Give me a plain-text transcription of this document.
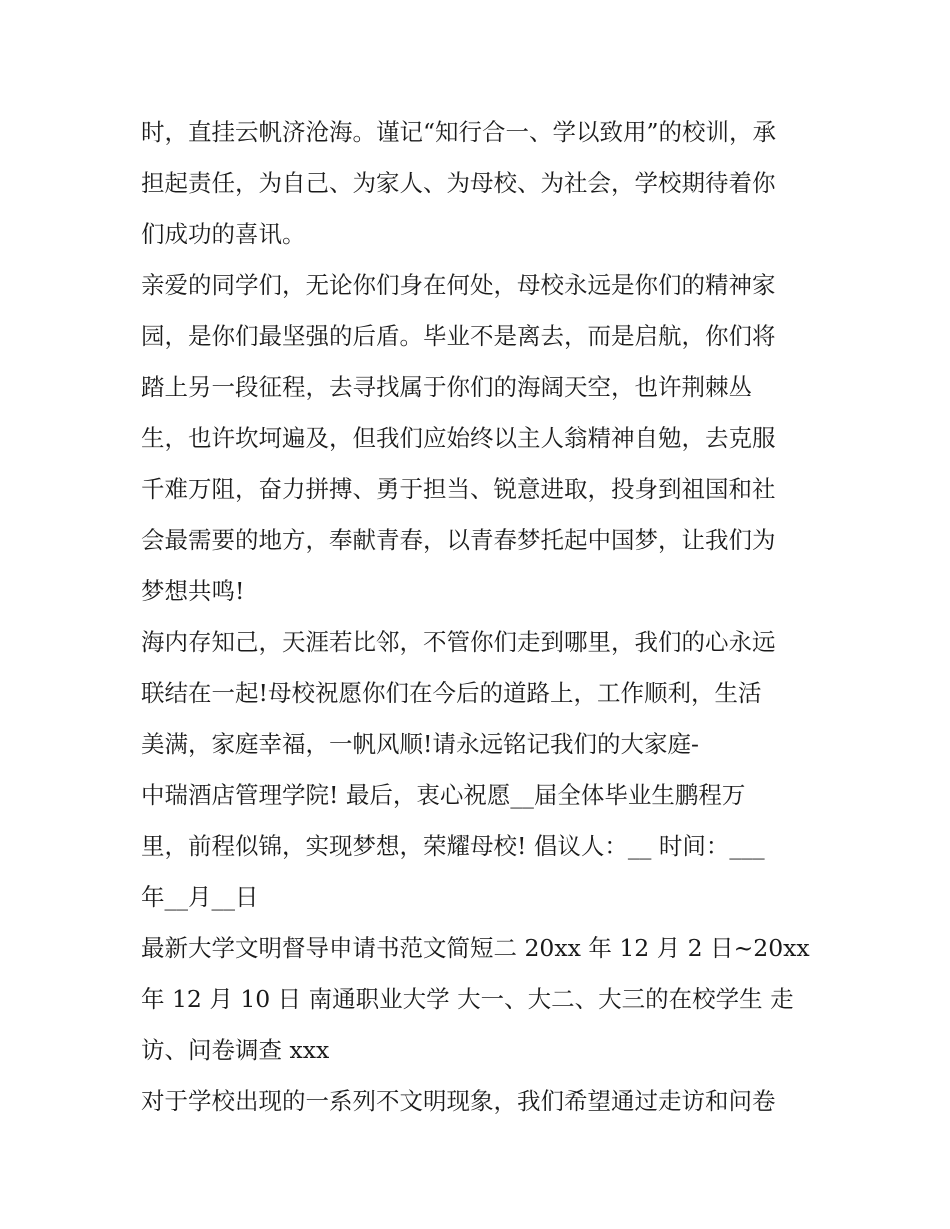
时，直挂云帆济沧海。谨记“知行合一、学以致用”的校训，承
担起责任，为自己、为家人、为母校、为社会，学校期待着你
们成功的喜讯。
亲爱的同学们，无论你们身在何处，母校永远是你们的精神家
园，是你们最坚强的后盾。毕业不是离去，而是启航，你们将
踏上另一段征程，去寻找属于你们的海阔天空，也许荆棘丛
生，也许坎坷遍及，但我们应始终以主人翁精神自勉，去克服
千难万阻，奋力拼搏、勇于担当、锐意进取，投身到祖国和社
会最需要的地方，奉献青春，以青春梦托起中国梦，让我们为
梦想共鸣!
海内存知己，天涯若比邻，不管你们走到哪里，我们的心永远
联结在一起!母校祝愿你们在今后的道路上，工作顺利，生活
美满，家庭幸福，一帆风顺!请永远铭记我们的大家庭-
中瑞酒店管理学院! 最后，衷心祝愿__届全体毕业生鹏程万
里，前程似锦，实现梦想，荣耀母校! 倡议人：__ 时间：___
年__月__日
最新大学文明督导申请书范文简短二 20xx 年 12 月 2 日~20xx
年 12 月 10 日 南通职业大学 大一、大二、大三的在校学生 走
访、问卷调查 xxx
对于学校出现的一系列不文明现象，我们希望通过走访和问卷
